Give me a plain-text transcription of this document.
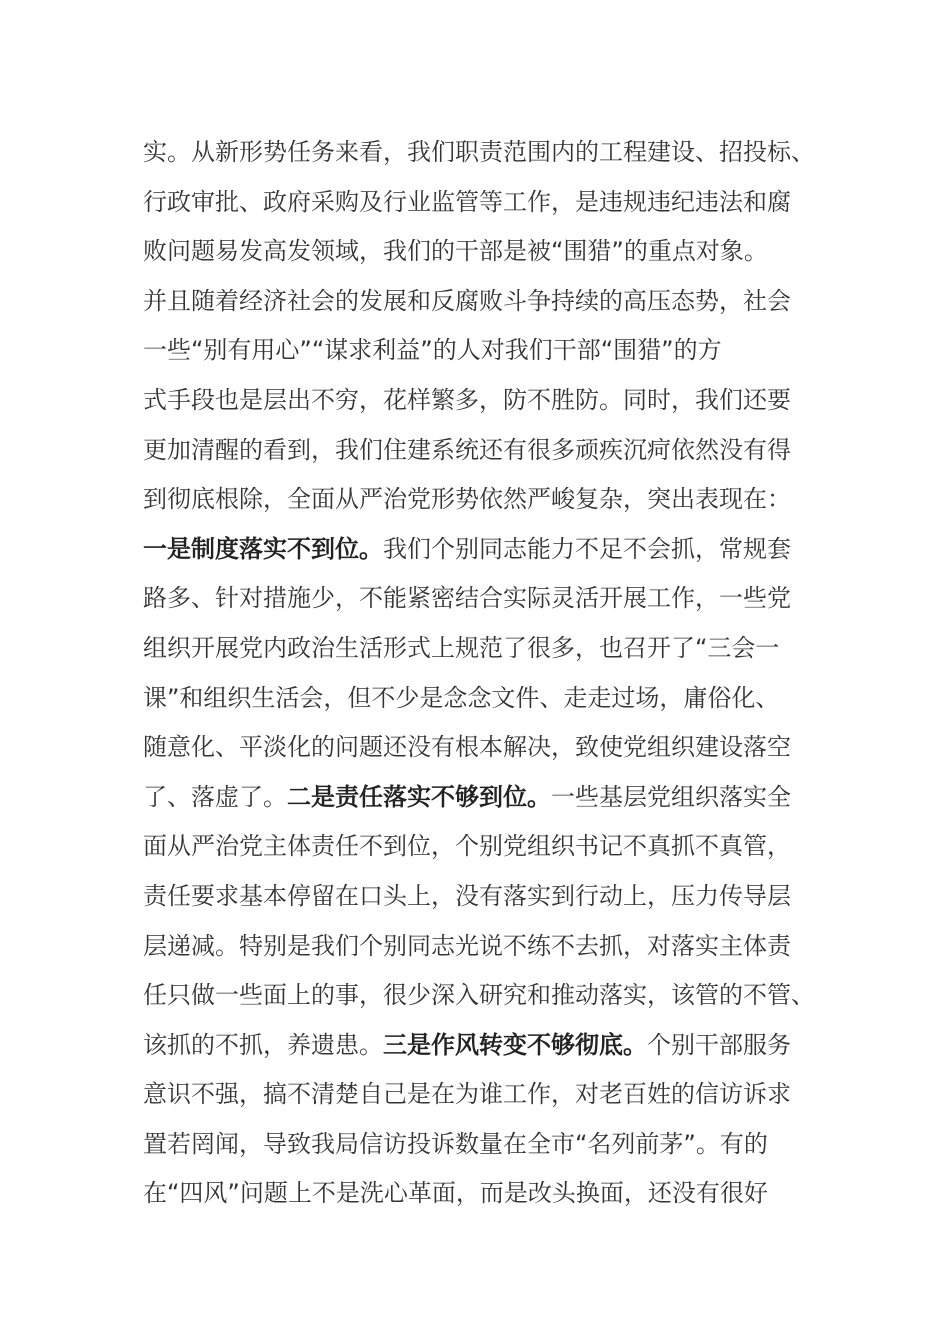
实。从新形势任务来看，我们职责范围内的工程建设、招投标、
行政审批、政府采购及行业监管等工作，是违规违纪违法和腐
败问题易发高发领域，我们的干部是被“围猎”的重点对象。
并且随着经济社会的发展和反腐败斗争持续的高压态势，社会
一些“别有用心”“谋求利益”的人对我们干部“围猎”的方
式手段也是层出不穷，花样繁多，防不胜防。同时，我们还要
更加清醒的看到，我们住建系统还有很多顽疾沉疴依然没有得
到彻底根除，全面从严治党形势依然严峻复杂，突出表现在：
一是制度落实不到位。我们个别同志能力不足不会抓，常规套
路多、针对措施少，不能紧密结合实际灵活开展工作，一些党
组织开展党内政治生活形式上规范了很多，也召开了“三会一
课”和组织生活会，但不少是念念文件、走走过场，庸俗化、
随意化、平淡化的问题还没有根本解决，致使党组织建设落空
了、落虚了。二是责任落实不够到位。一些基层党组织落实全
面从严治党主体责任不到位，个别党组织书记不真抓不真管，
责任要求基本停留在口头上，没有落实到行动上，压力传导层
层递减。特别是我们个别同志光说不练不去抓，对落实主体责
任只做一些面上的事，很少深入研究和推动落实，该管的不管、
该抓的不抓，养遗患。三是作风转变不够彻底。个别干部服务
意识不强，搞不清楚自己是在为谁工作，对老百姓的信访诉求
置若罔闻，导致我局信访投诉数量在全市“名列前茅”。有的
在“四风”问题上不是洗心革面，而是改头换面，还没有很好
